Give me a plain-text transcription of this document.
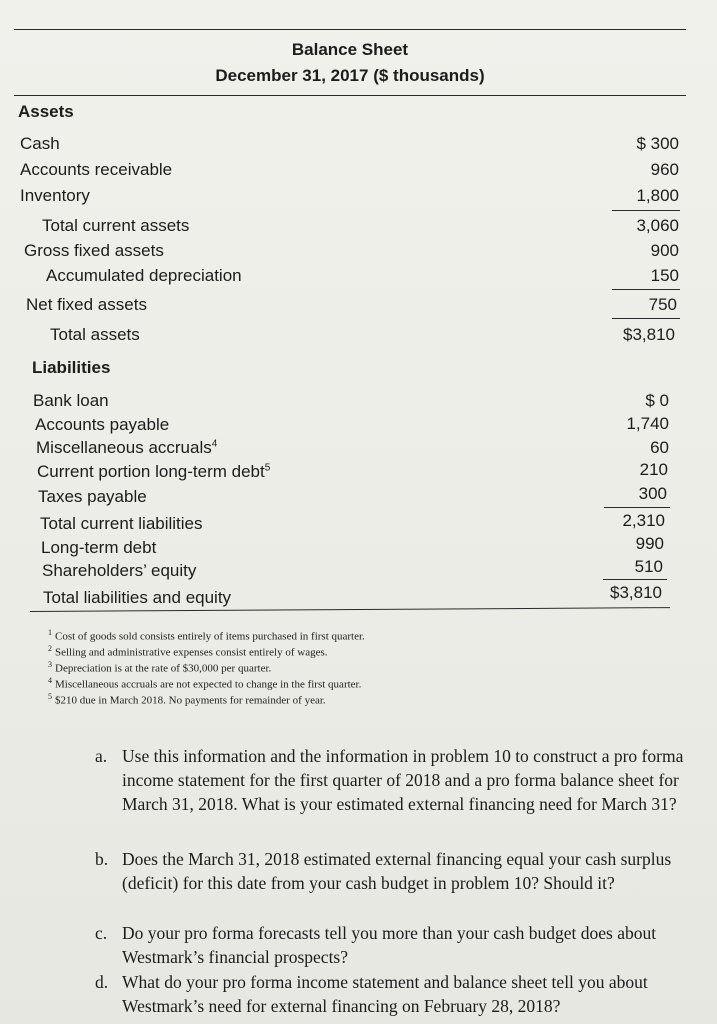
Balance Sheet
December 31, 2017 ($ thousands)
Assets
Cash	$ 300
Accounts receivable	960
Inventory	1,800
Total current assets	3,060
Gross fixed assets	900
Accumulated depreciation	150
Net fixed assets	750
Total assets	$3,810
Liabilities
Bank loan	$ 0
Accounts payable	1,740
Miscellaneous accruals$^4$	60
Current portion long-term debt$^5$	210
Taxes payable	300
Total current liabilities	2,310
Long-term debt	990
Shareholders’ equity	510
Total liabilities and equity	$3,810
$^1$ Cost of goods sold consists entirely of items purchased in first quarter.
$^2$ Selling and administrative expenses consist entirely of wages.
$^3$ Depreciation is at the rate of $30,000 per quarter.
$^4$ Miscellaneous accruals are not expected to change in the first quarter.
$^5$ $210 due in March 2018. No payments for remainder of year.
a. Use this information and the information in problem 10 to construct a pro forma income statement for the first quarter of 2018 and a pro forma balance sheet for March 31, 2018. What is your estimated external financing need for March 31?
b. Does the March 31, 2018 estimated external financing equal your cash surplus (deficit) for this date from your cash budget in problem 10? Should it?
c. Do your pro forma forecasts tell you more than your cash budget does about Westmark’s financial prospects?
d. What do your pro forma income statement and balance sheet tell you about Westmark’s need for external financing on February 28, 2018?
